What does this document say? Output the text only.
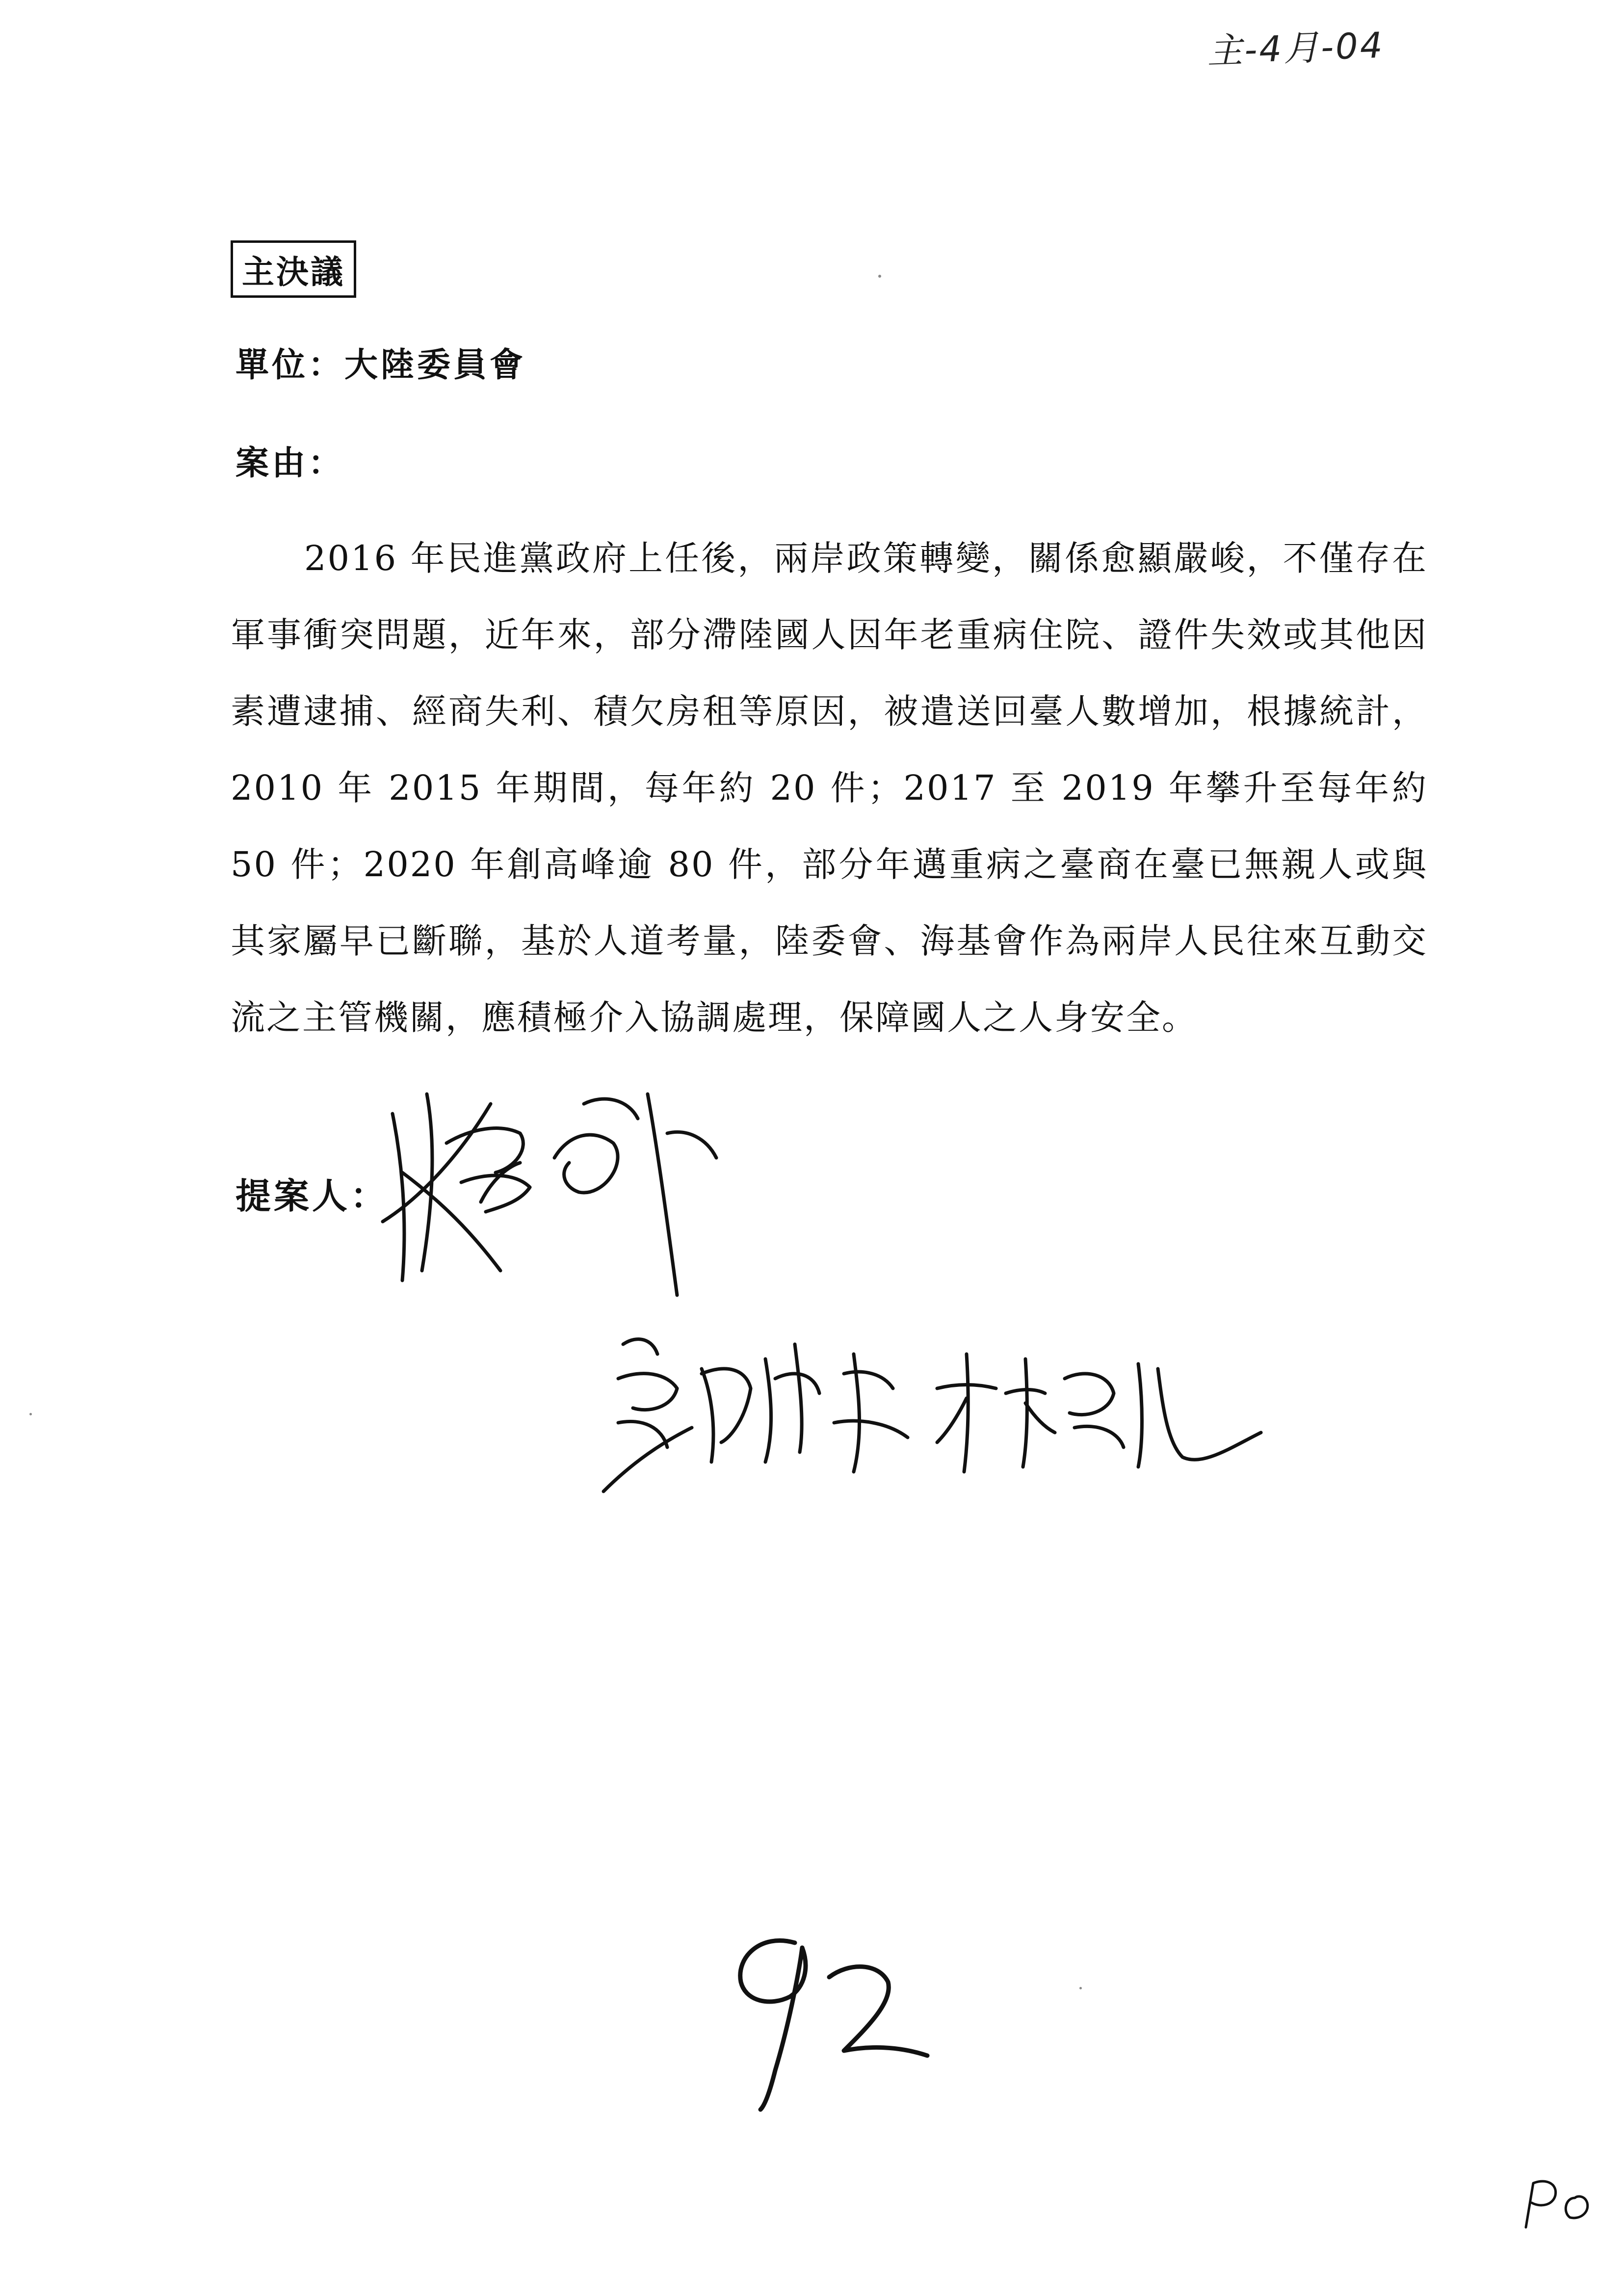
主-4月-04
主決議
單位：大陸委員會
案由：

2016 年民進黨政府上任後，兩岸政策轉變，關係愈顯嚴峻，不僅存在軍事衝突問題，近年來，部分滯陸國人因年老重病住院、證件失效或其他因素遭逮捕、經商失利、積欠房租等原因，被遣送回臺人數增加，根據統計，2010 年 2015 年期間，每年約 20 件；2017 至 2019 年攀升至每年約 50 件；2020 年創高峰逾 80 件，部分年邁重病之臺商在臺已無親人或與其家屬早已斷聯，基於人道考量，陸委會、海基會作為兩岸人民往來互動交流之主管機關，應積極介入協調處理，保障國人之人身安全。

提案人：
